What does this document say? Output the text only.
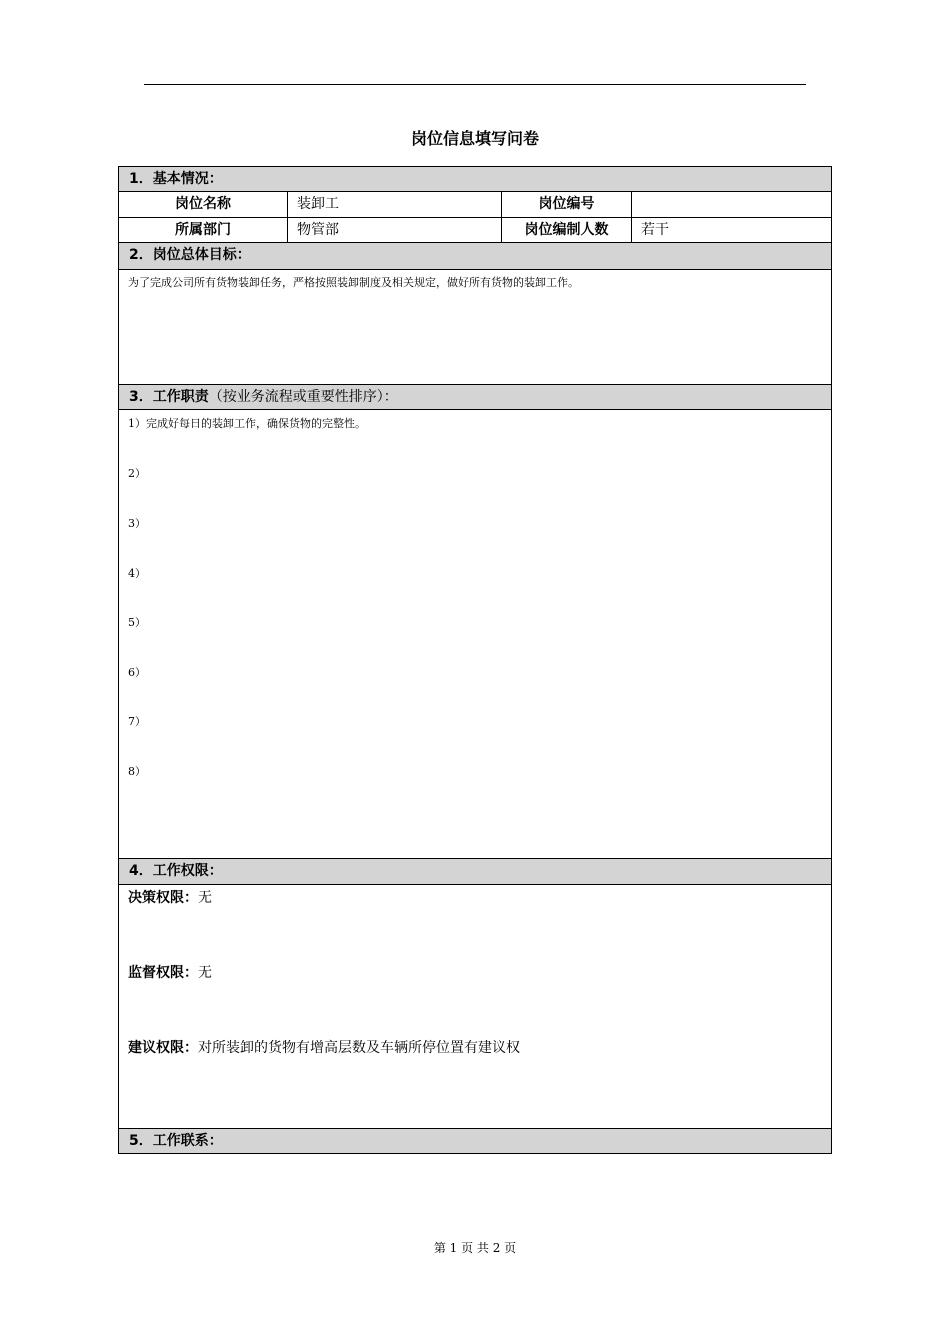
岗位信息填写问卷
1．基本情况：
岗位名称	装卸工	岗位编号
所属部门	物管部	岗位编制人数	若干
2．岗位总体目标：
为了完成公司所有货物装卸任务，严格按照装卸制度及相关规定，做好所有货物的装卸工作。
3．工作职责（按业务流程或重要性排序）：
1）完成好每日的装卸工作，确保货物的完整性。
2）
3）
4）
5）
6）
7）
8）
4．工作权限：
决策权限：无
监督权限：无
建议权限：对所装卸的货物有增高层数及车辆所停位置有建议权
5．工作联系：
第 1 页 共 2 页
